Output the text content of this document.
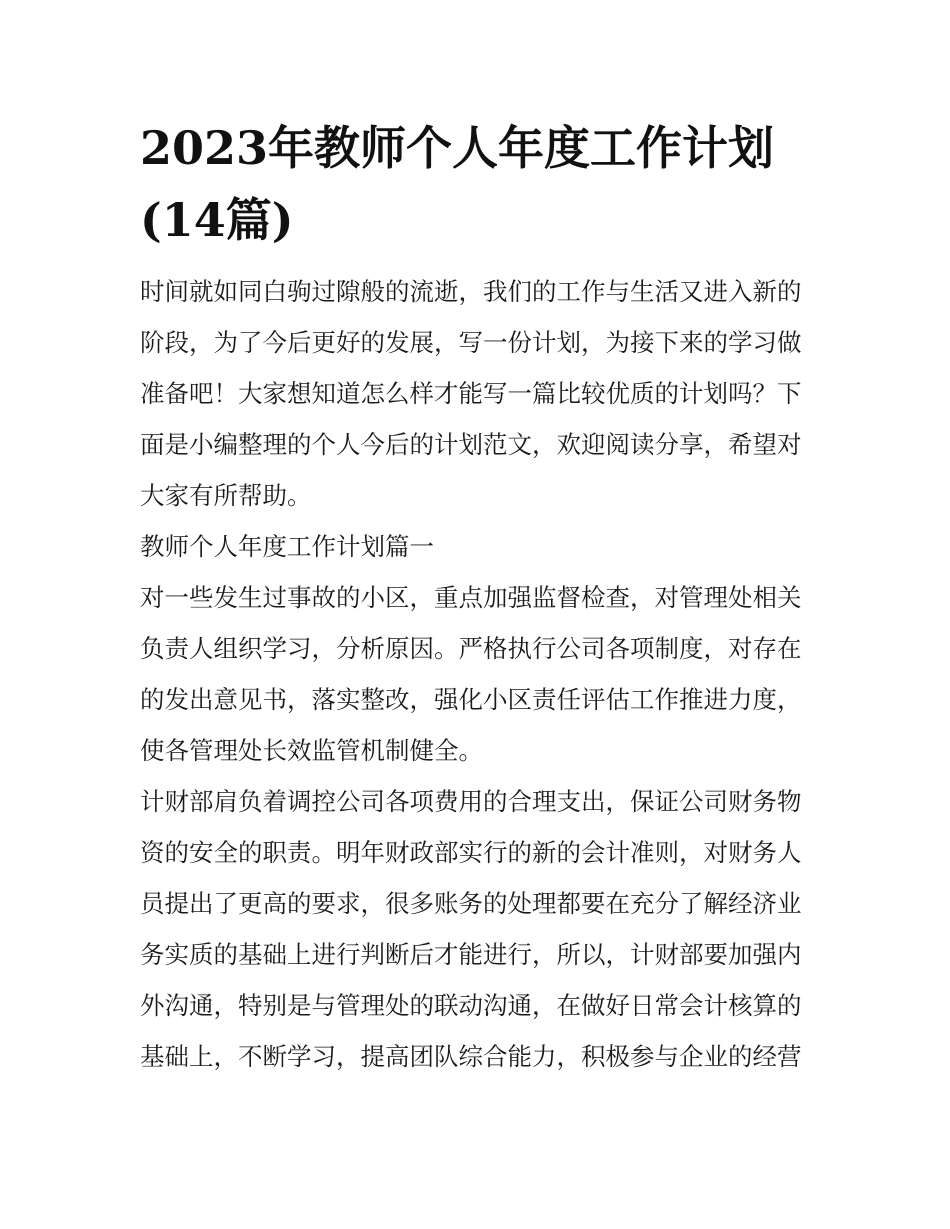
2023年教师个人年度工作计划
(14篇)

时间就如同白驹过隙般的流逝，我们的工作与生活又进入新的
阶段，为了今后更好的发展，写一份计划，为接下来的学习做
准备吧！大家想知道怎么样才能写一篇比较优质的计划吗？下
面是小编整理的个人今后的计划范文，欢迎阅读分享，希望对
大家有所帮助。

教师个人年度工作计划篇一

对一些发生过事故的小区，重点加强监督检查，对管理处相关
负责人组织学习，分析原因。严格执行公司各项制度，对存在
的发出意见书，落实整改，强化小区责任评估工作推进力度，
使各管理处长效监管机制健全。

计财部肩负着调控公司各项费用的合理支出，保证公司财务物
资的安全的职责。明年财政部实行的新的会计准则，对财务人
员提出了更高的要求，很多账务的处理都要在充分了解经济业
务实质的基础上进行判断后才能进行，所以，计财部要加强内
外沟通，特别是与管理处的联动沟通，在做好日常会计核算的
基础上，不断学习，提高团队综合能力，积极参与企业的经营
